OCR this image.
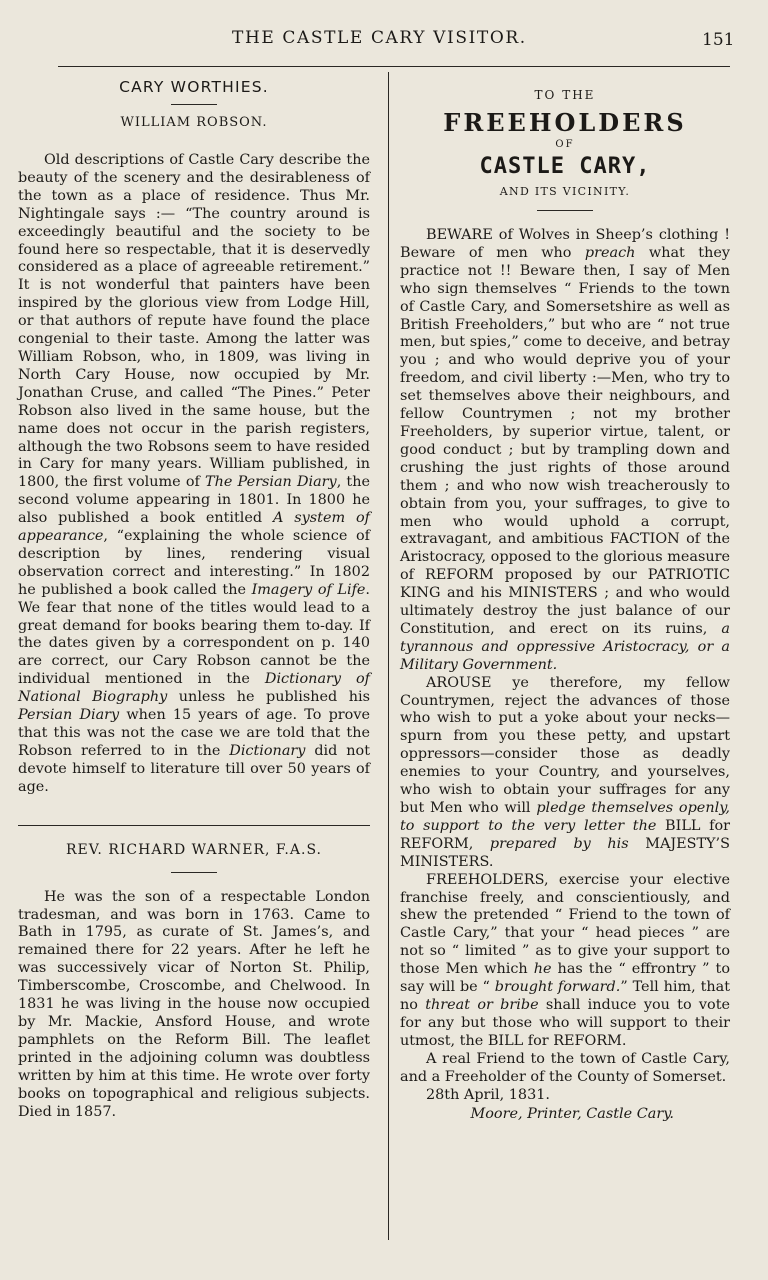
THE CASTLE CARY VISITOR.	151
CARY WORTHIES.
WILLIAM ROBSON.

Old descriptions of Castle Cary describe the beauty of the scenery and the desirableness of the town as a place of residence. Thus Mr. Nightingale says :— “The country around is exceedingly beautiful and the society to be found here so respectable, that it is deservedly considered as a place of agreeable retirement.” It is not wonderful that painters have been inspired by the glorious view from Lodge Hill, or that authors of repute have found the place congenial to their taste. Among the latter was William Robson, who, in 1809, was living in North Cary House, now occupied by Mr. Jonathan Cruse, and called “The Pines.” Peter Robson also lived in the same house, but the name does not occur in the parish registers, although the two Robsons seem to have resided in Cary for many years. William published, in 1800, the first volume of The Persian Diary, the second volume appearing in 1801. In 1800 he also published a book entitled A system of appearance, “explaining the whole science of description by lines, rendering visual observation correct and interesting.” In 1802 he published a book called the Imagery of Life. We fear that none of the titles would lead to a great demand for books bearing them to-day. If the dates given by a correspondent on p. 140 are correct, our Cary Robson cannot be the individual mentioned in the Dictionary of National Biography unless he published his Persian Diary when 15 years of age. To prove that this was not the case we are told that the Robson referred to in the Dictionary did not devote himself to literature till over 50 years of age.

REV. RICHARD WARNER, F.A.S.

He was the son of a respectable London tradesman, and was born in 1763. Came to Bath in 1795, as curate of St. James’s, and remained there for 22 years. After he left he was successively vicar of Norton St. Philip, Timberscombe, Croscombe, and Chelwood. In 1831 he was living in the house now occupied by Mr. Mackie, Ansford House, and wrote pamphlets on the Reform Bill. The leaflet printed in the adjoining column was doubtless written by him at this time. He wrote over forty books on topographical and religious subjects. Died in 1857.

TO THE
FREEHOLDERS
OF
CASTLE CARY,
AND ITS VICINITY.

BEWARE of Wolves in Sheep’s clothing ! Beware of men who preach what they practice not !! Beware then, I say of Men who sign themselves “ Friends to the town of Castle Cary, and Somersetshire as well as British Freeholders,” but who are “ not true men, but spies,” come to deceive, and betray you ; and who would deprive you of your freedom, and civil liberty :—Men, who try to set themselves above their neighbours, and fellow Countrymen ; not my brother Freeholders, by superior virtue, talent, or good conduct ; but by trampling down and crushing the just rights of those around them ; and who now wish treacherously to obtain from you, your suffrages, to give to men who would uphold a corrupt, extravagant, and ambitious FACTION of the Aristocracy, opposed to the glorious measure of REFORM proposed by our PATRIOTIC KING and his MINISTERS ; and who would ultimately destroy the just balance of our Constitution, and erect on its ruins, a tyrannous and oppressive Aristocracy, or a Military Government.

AROUSE ye therefore, my fellow Countrymen, reject the advances of those who wish to put a yoke about your necks—spurn from you these petty, and upstart oppressors—consider those as deadly enemies to your Country, and yourselves, who wish to obtain your suffrages for any but Men who will pledge themselves openly, to support to the very letter the BILL for REFORM, prepared by his MAJESTY’S MINISTERS.

FREEHOLDERS, exercise your elective franchise freely, and conscientiously, and shew the pretended “ Friend to the town of Castle Cary,” that your “ head pieces ” are not so “ limited ” as to give your support to those Men which he has the “ effrontry ” to say will be “ brought forward.” Tell him, that no threat or bribe shall induce you to vote for any but those who will support to their utmost, the BILL for REFORM.

A real Friend to the town of Castle Cary, and a Freeholder of the County of Somerset.

28th April, 1831.

Moore, Printer, Castle Cary.
